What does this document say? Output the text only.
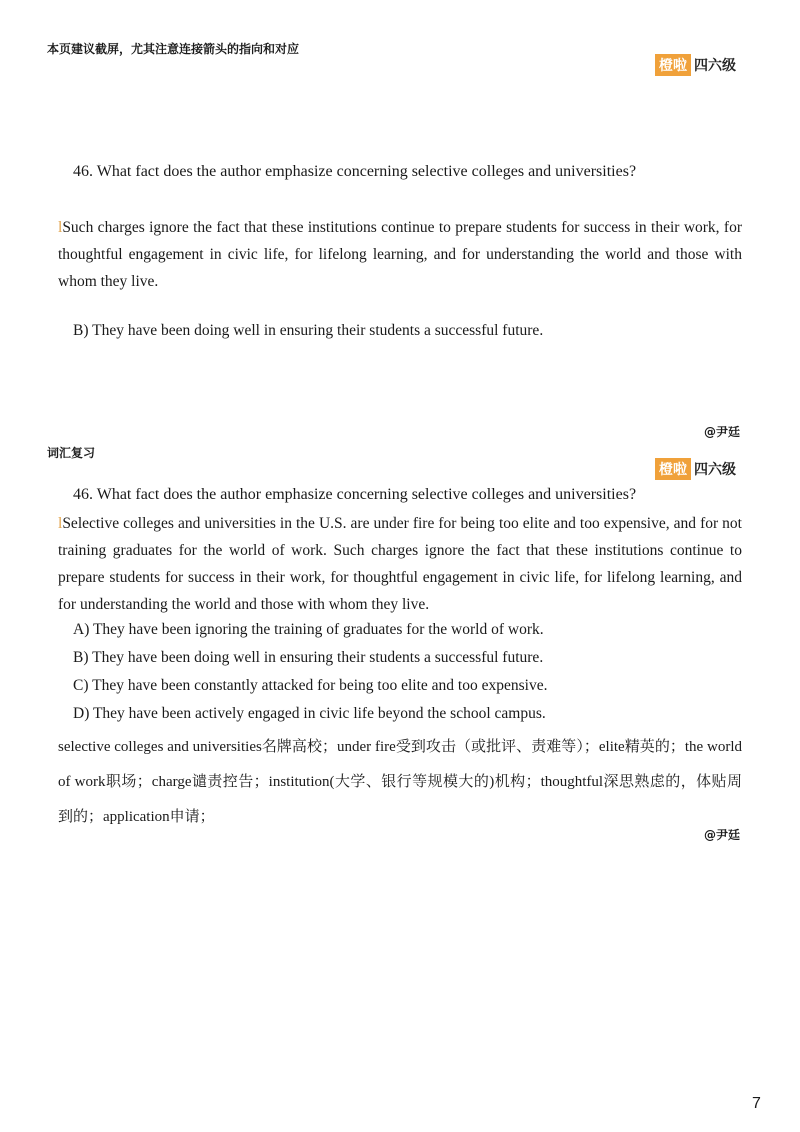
本页建议截屏，尤其注意连接箭头的指向和对应
橙啦 四六级
46. What fact does the author emphasize concerning selective colleges and universities?
lSuch charges ignore the fact that these institutions continue to prepare students for success in their work, for thoughtful engagement in civic life, for lifelong learning, and for understanding the world and those with whom they live.
B) They have been doing well in ensuring their students a successful future.
@尹廷
词汇复习
橙啦 四六级
46. What fact does the author emphasize concerning selective colleges and universities?
lSelective colleges and universities in the U.S. are under fire for being too elite and too expensive, and for not training graduates for the world of work. Such charges ignore the fact that these institutions continue to prepare students for success in their work, for thoughtful engagement in civic life, for lifelong learning, and for understanding the world and those with whom they live.
A) They have been ignoring the training of graduates for the world of work.
B) They have been doing well in ensuring their students a successful future.
C) They have been constantly attacked for being too elite and too expensive.
D) They have been actively engaged in civic life beyond the school campus.
selective colleges and universities名牌高校；under fire受到攻击（或批评、责难等）；elite精英的；the world of work职场；charge谴责控告；institution(大学、银行等规模大的)机构；thoughtful深思熟虑的，体贴周到的；application申请；
@尹廷
7
